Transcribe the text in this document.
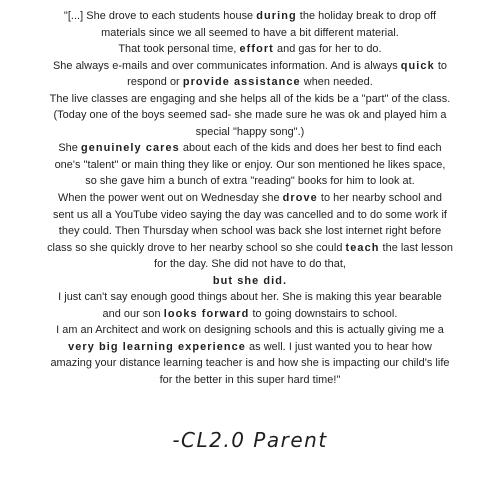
"[...] She drove to each students house during the holiday break to drop off
materials since we all seemed to have a bit different material.
That took personal time, effort and gas for her to do.
She always e-mails and over communicates information. And is always quick to
respond or provide assistance when needed.
The live classes are engaging and she helps all of the kids be a "part" of the class.
(Today one of the boys seemed sad- she made sure he was ok and played him a
special "happy song".)
She genuinely cares about each of the kids and does her best to find each
one's "talent" or main thing they like or enjoy. Our son mentioned he likes space,
so she gave him a bunch of extra "reading" books for him to look at.
When the power went out on Wednesday she drove to her nearby school and
sent us all a YouTube video saying the day was cancelled and to do some work if
they could. Then Thursday when school was back she lost internet right before
class so she quickly drove to her nearby school so she could teach the last lesson
for the day. She did not have to do that,
but she did.
I just can't say enough good things about her. She is making this year bearable
and our son looks forward to going downstairs to school.
I am an Architect and work on designing schools and this is actually giving me a
very big learning experience as well. I just wanted you to hear how
amazing your distance learning teacher is and how she is impacting our child's life
for the better in this super hard time!"
-CL2.0 Parent
